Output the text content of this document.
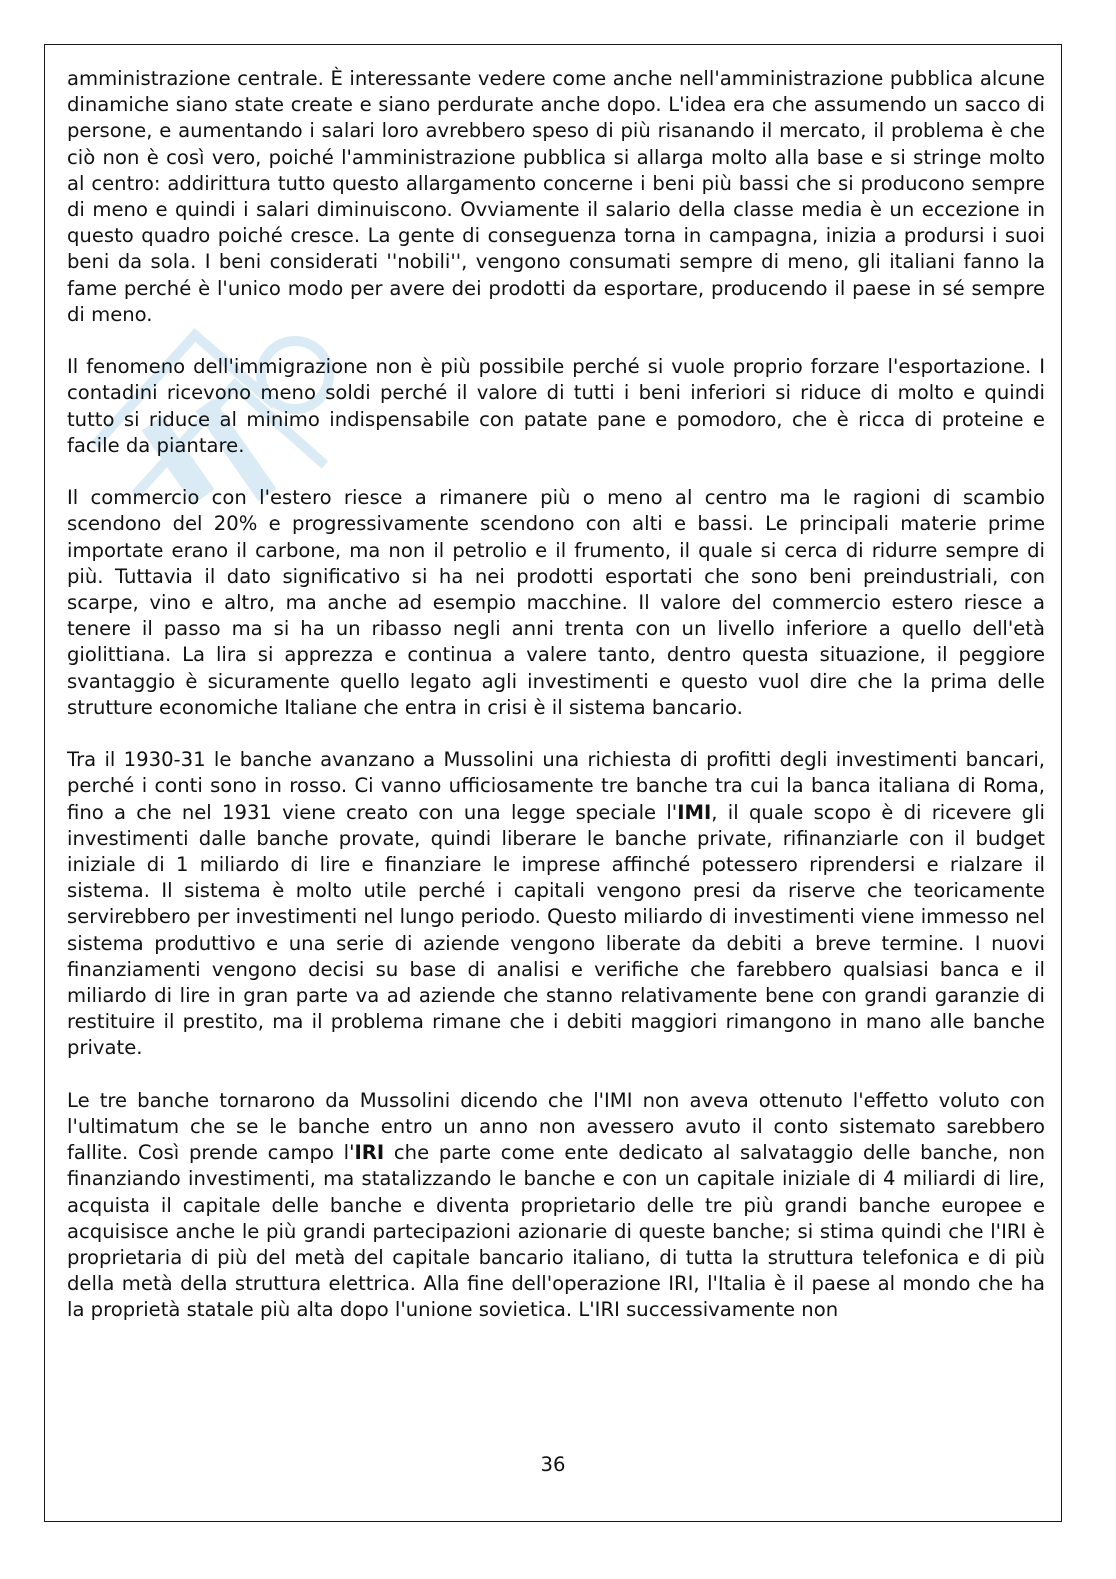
amministrazione centrale. È interessante vedere come anche nell'amministrazione pubblica alcune dinamiche siano state create e siano perdurate anche dopo. L'idea era che assumendo un sacco di persone, e aumentando i salari loro avrebbero speso di più risanando il mercato, il problema è che ciò non è così vero, poiché l'amministrazione pubblica si allarga molto alla base e si stringe molto al centro: addirittura tutto questo allargamento concerne i beni più bassi che si producono sempre di meno e quindi i salari diminuiscono. Ovviamente il salario della classe media è un eccezione in questo quadro poiché cresce. La gente di conseguenza torna in campagna, inizia a prodursi i suoi beni da sola. I beni considerati ''nobili'', vengono consumati sempre di meno, gli italiani fanno la fame perché è l'unico modo per avere dei prodotti da esportare, producendo il paese in sé sempre di meno.

Il fenomeno dell'immigrazione non è più possibile perché si vuole proprio forzare l'esportazione. I contadini ricevono meno soldi perché il valore di tutti i beni inferiori si riduce di molto e quindi tutto si riduce al minimo indispensabile con patate pane e pomodoro, che è ricca di proteine e facile da piantare.

Il commercio con l'estero riesce a rimanere più o meno al centro ma le ragioni di scambio scendono del 20% e progressivamente scendono con alti e bassi. Le principali materie prime importate erano il carbone, ma non il petrolio e il frumento, il quale si cerca di ridurre sempre di più. Tuttavia il dato significativo si ha nei prodotti esportati che sono beni preindustriali, con scarpe, vino e altro, ma anche ad esempio macchine. Il valore del commercio estero riesce a tenere il passo ma si ha un ribasso negli anni trenta con un livello inferiore a quello dell'età giolittiana. La lira si apprezza e continua a valere tanto, dentro questa situazione, il peggiore svantaggio è sicuramente quello legato agli investimenti e questo vuol dire che la prima delle strutture economiche Italiane che entra in crisi è il sistema bancario.

Tra il 1930-31 le banche avanzano a Mussolini una richiesta di profitti degli investimenti bancari, perché i conti sono in rosso. Ci vanno ufficiosamente tre banche tra cui la banca italiana di Roma, fino a che nel 1931 viene creato con una legge speciale l'IMI, il quale scopo è di ricevere gli investimenti dalle banche provate, quindi liberare le banche private, rifinanziarle con il budget iniziale di 1 miliardo di lire e finanziare le imprese affinché potessero riprendersi e rialzare il sistema. Il sistema è molto utile perché i capitali vengono presi da riserve che teoricamente servirebbero per investimenti nel lungo periodo. Questo miliardo di investimenti viene immesso nel sistema produttivo e una serie di aziende vengono liberate da debiti a breve termine. I nuovi finanziamenti vengono decisi su base di analisi e verifiche che farebbero qualsiasi banca e il miliardo di lire in gran parte va ad aziende che stanno relativamente bene con grandi garanzie di restituire il prestito, ma il problema rimane che i debiti maggiori rimangono in mano alle banche private.

Le tre banche tornarono da Mussolini dicendo che l'IMI non aveva ottenuto l'effetto voluto con l'ultimatum che se le banche entro un anno non avessero avuto il conto sistemato sarebbero fallite. Così prende campo l'IRI che parte come ente dedicato al salvataggio delle banche, non finanziando investimenti, ma statalizzando le banche e con un capitale iniziale di 4 miliardi di lire, acquista il capitale delle banche e diventa proprietario delle tre più grandi banche europee e acquisisce anche le più grandi partecipazioni azionarie di queste banche; si stima quindi che l'IRI è proprietaria di più del metà del capitale bancario italiano, di tutta la struttura telefonica e di più della metà della struttura elettrica. Alla fine dell'operazione IRI, l'Italia è il paese al mondo che ha la proprietà statale più alta dopo l'unione sovietica. L'IRI successivamente non

36
